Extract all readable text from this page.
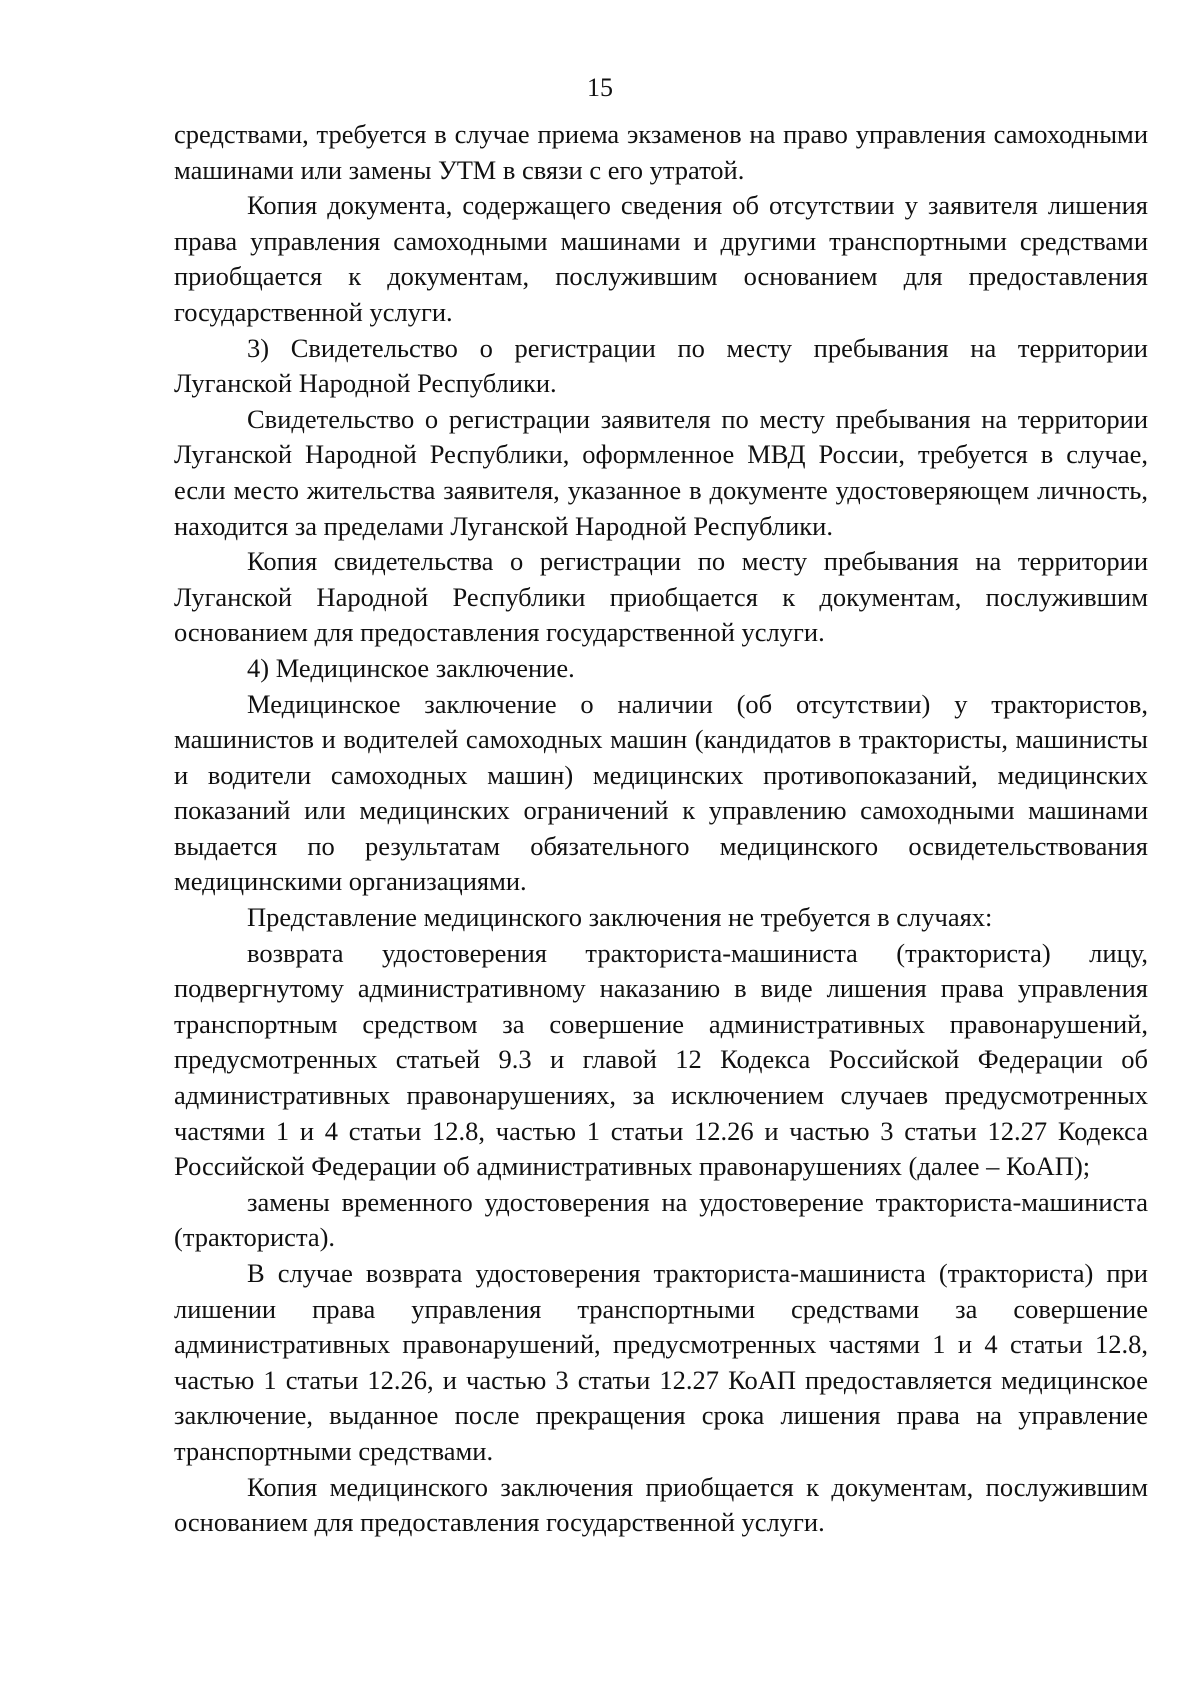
15

средствами, требуется в случае приема экзаменов на право управления самоходными машинами или замены УТМ в связи с его утратой.

Копия документа, содержащего сведения об отсутствии у заявителя лишения права управления самоходными машинами и другими транспортными средствами приобщается к документам, послужившим основанием для предоставления государственной услуги.

3) Свидетельство о регистрации по месту пребывания на территории Луганской Народной Республики.

Свидетельство о регистрации заявителя по месту пребывания на территории Луганской Народной Республики, оформленное МВД России, требуется в случае, если место жительства заявителя, указанное в документе удостоверяющем личность, находится за пределами Луганской Народной Республики.

Копия свидетельства о регистрации по месту пребывания на территории Луганской Народной Республики приобщается к документам, послужившим основанием для предоставления государственной услуги.

4) Медицинское заключение.

Медицинское заключение о наличии (об отсутствии) у трактористов, машинистов и водителей самоходных машин (кандидатов в трактористы, машинисты и водители самоходных машин) медицинских противопоказаний, медицинских показаний или медицинских ограничений к управлению самоходными машинами выдается по результатам обязательного медицинского освидетельствования медицинскими организациями.

Представление медицинского заключения не требуется в случаях:

возврата удостоверения тракториста-машиниста (тракториста) лицу, подвергнутому административному наказанию в виде лишения права управления транспортным средством за совершение административных правонарушений, предусмотренных статьей 9.3 и главой 12 Кодекса Российской Федерации об административных правонарушениях, за исключением случаев предусмотренных частями 1 и 4 статьи 12.8, частью 1 статьи 12.26 и частью 3 статьи 12.27 Кодекса Российской Федерации об административных правонарушениях (далее – КоАП);

замены временного удостоверения на удостоверение тракториста-машиниста (тракториста).

В случае возврата удостоверения тракториста-машиниста (тракториста) при лишении права управления транспортными средствами за совершение административных правонарушений, предусмотренных частями 1 и 4 статьи 12.8, частью 1 статьи 12.26, и частью 3 статьи 12.27 КоАП предоставляется медицинское заключение, выданное после прекращения срока лишения права на управление транспортными средствами.

Копия медицинского заключения приобщается к документам, послужившим основанием для предоставления государственной услуги.
